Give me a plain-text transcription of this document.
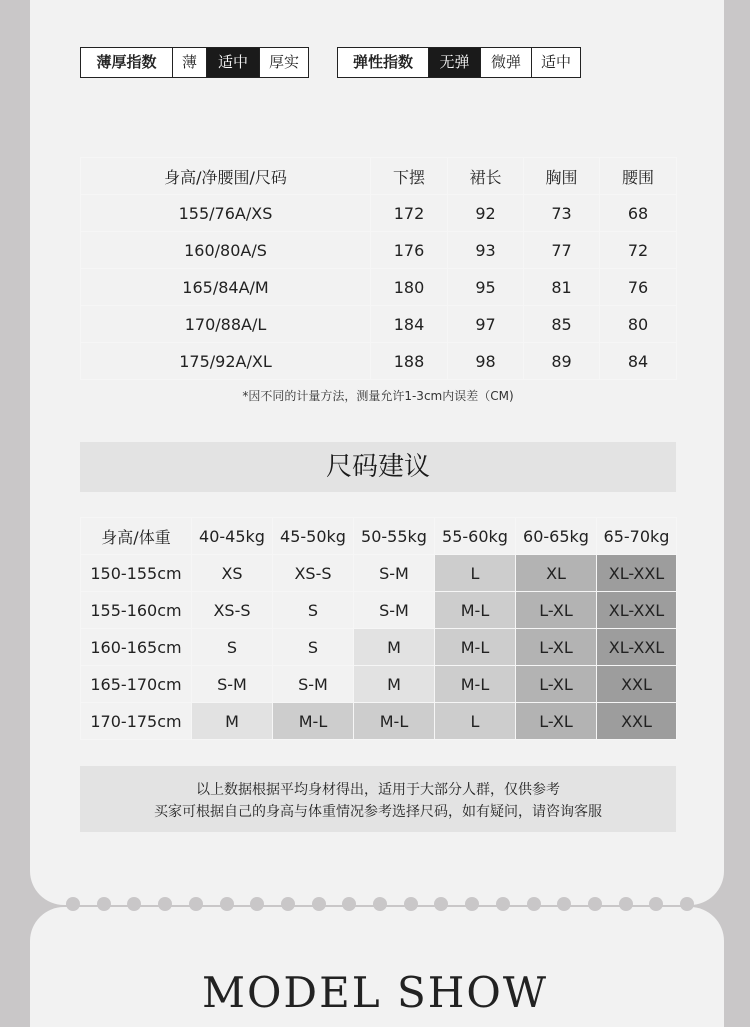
薄厚指数	薄	适中	厚实	弹性指数	无弹	微弹	适中
身高/净腰围/尺码	下摆	裙长	胸围	腰围
155/76A/XS	172	92	73	68
160/80A/S	176	93	77	72
165/84A/M	180	95	81	76
170/88A/L	184	97	85	80
175/92A/XL	188	98	89	84
*因不同的计量方法，测量允许1-3cm内误差（CM)
尺码建议
身高/体重	40-45kg	45-50kg	50-55kg	55-60kg	60-65kg	65-70kg
150-155cm	XS	XS-S	S-M	L	XL	XL-XXL
155-160cm	XS-S	S	S-M	M-L	L-XL	XL-XXL
160-165cm	S	S	M	M-L	L-XL	XL-XXL
165-170cm	S-M	S-M	M	M-L	L-XL	XXL
170-175cm	M	M-L	M-L	L	L-XL	XXL
以上数据根据平均身材得出，适用于大部分人群，仅供参考
买家可根据自己的身高与体重情况参考选择尺码，如有疑问，请咨询客服
MODEL SHOW
